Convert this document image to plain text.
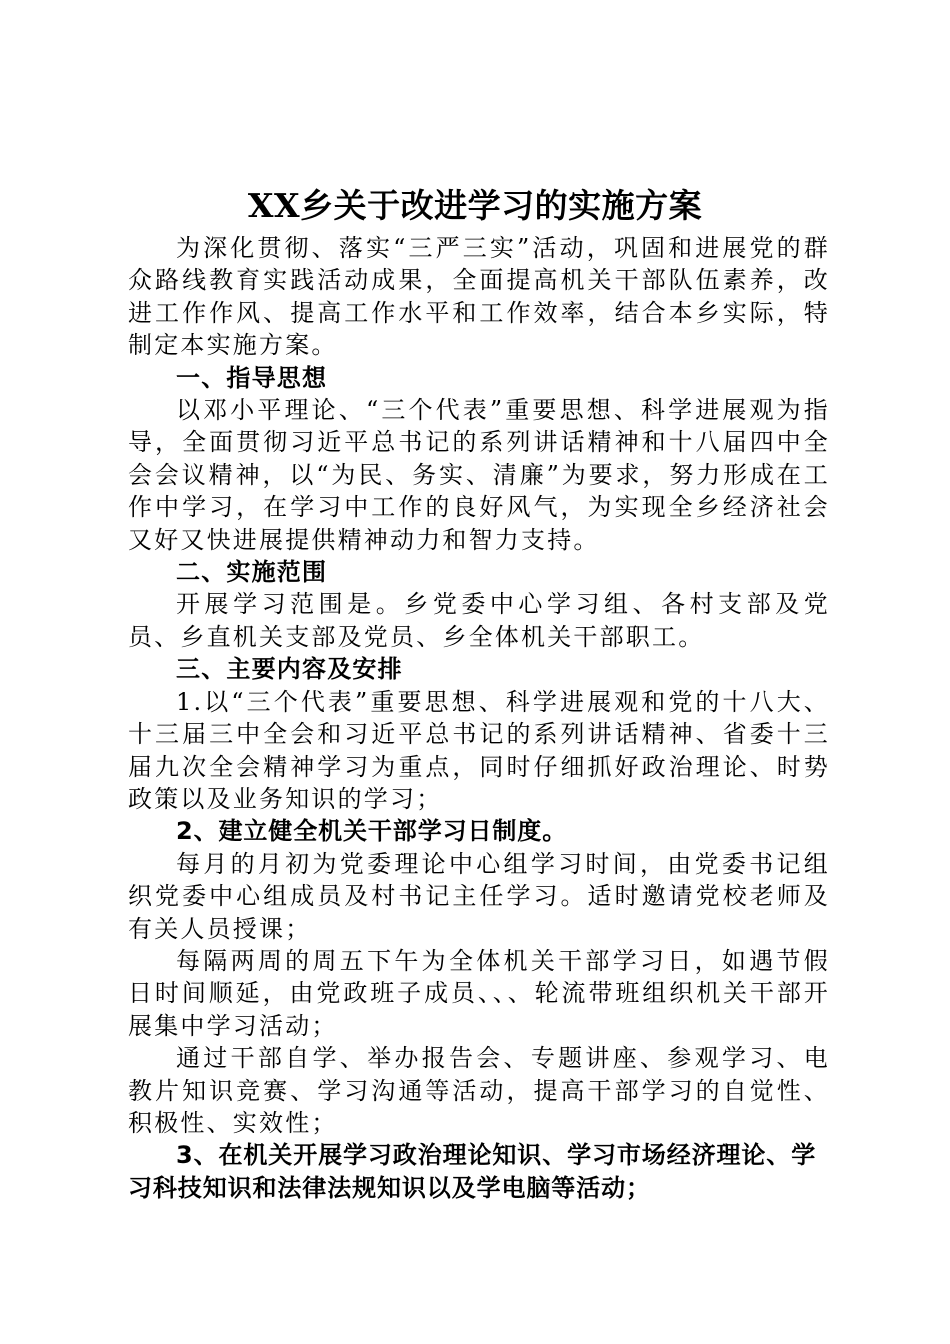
XX乡关于改进学习的实施方案

为深化贯彻、落实“三严三实”活动，巩固和进展党的群众路线教育实践活动成果，全面提高机关干部队伍素养，改进工作作风、提高工作水平和工作效率，结合本乡实际，特制定本实施方案。

一、指导思想

以邓小平理论、“三个代表”重要思想、科学进展观为指导，全面贯彻习近平总书记的系列讲话精神和十八届四中全会会议精神，以“为民、务实、清廉”为要求，努力形成在工作中学习，在学习中工作的良好风气，为实现全乡经济社会又好又快进展提供精神动力和智力支持。

二、实施范围

开展学习范围是。乡党委中心学习组、各村支部及党员、乡直机关支部及党员、乡全体机关干部职工。

三、主要内容及安排

1.以“三个代表”重要思想、科学进展观和党的十八大、十三届三中全会和习近平总书记的系列讲话精神、省委十三届九次全会精神学习为重点，同时仔细抓好政治理论、时势政策以及业务知识的学习；

2、建立健全机关干部学习日制度。

每月的月初为党委理论中心组学习时间，由党委书记组织党委中心组成员及村书记主任学习。适时邀请党校老师及有关人员授课；

每隔两周的周五下午为全体机关干部学习日，如遇节假日时间顺延，由党政班子成员、、、轮流带班组织机关干部开展集中学习活动；

通过干部自学、举办报告会、专题讲座、参观学习、电教片知识竞赛、学习沟通等活动，提高干部学习的自觉性、积极性、实效性；

3、在机关开展学习政治理论知识、学习市场经济理论、学习科技知识和法律法规知识以及学电脑等活动；
